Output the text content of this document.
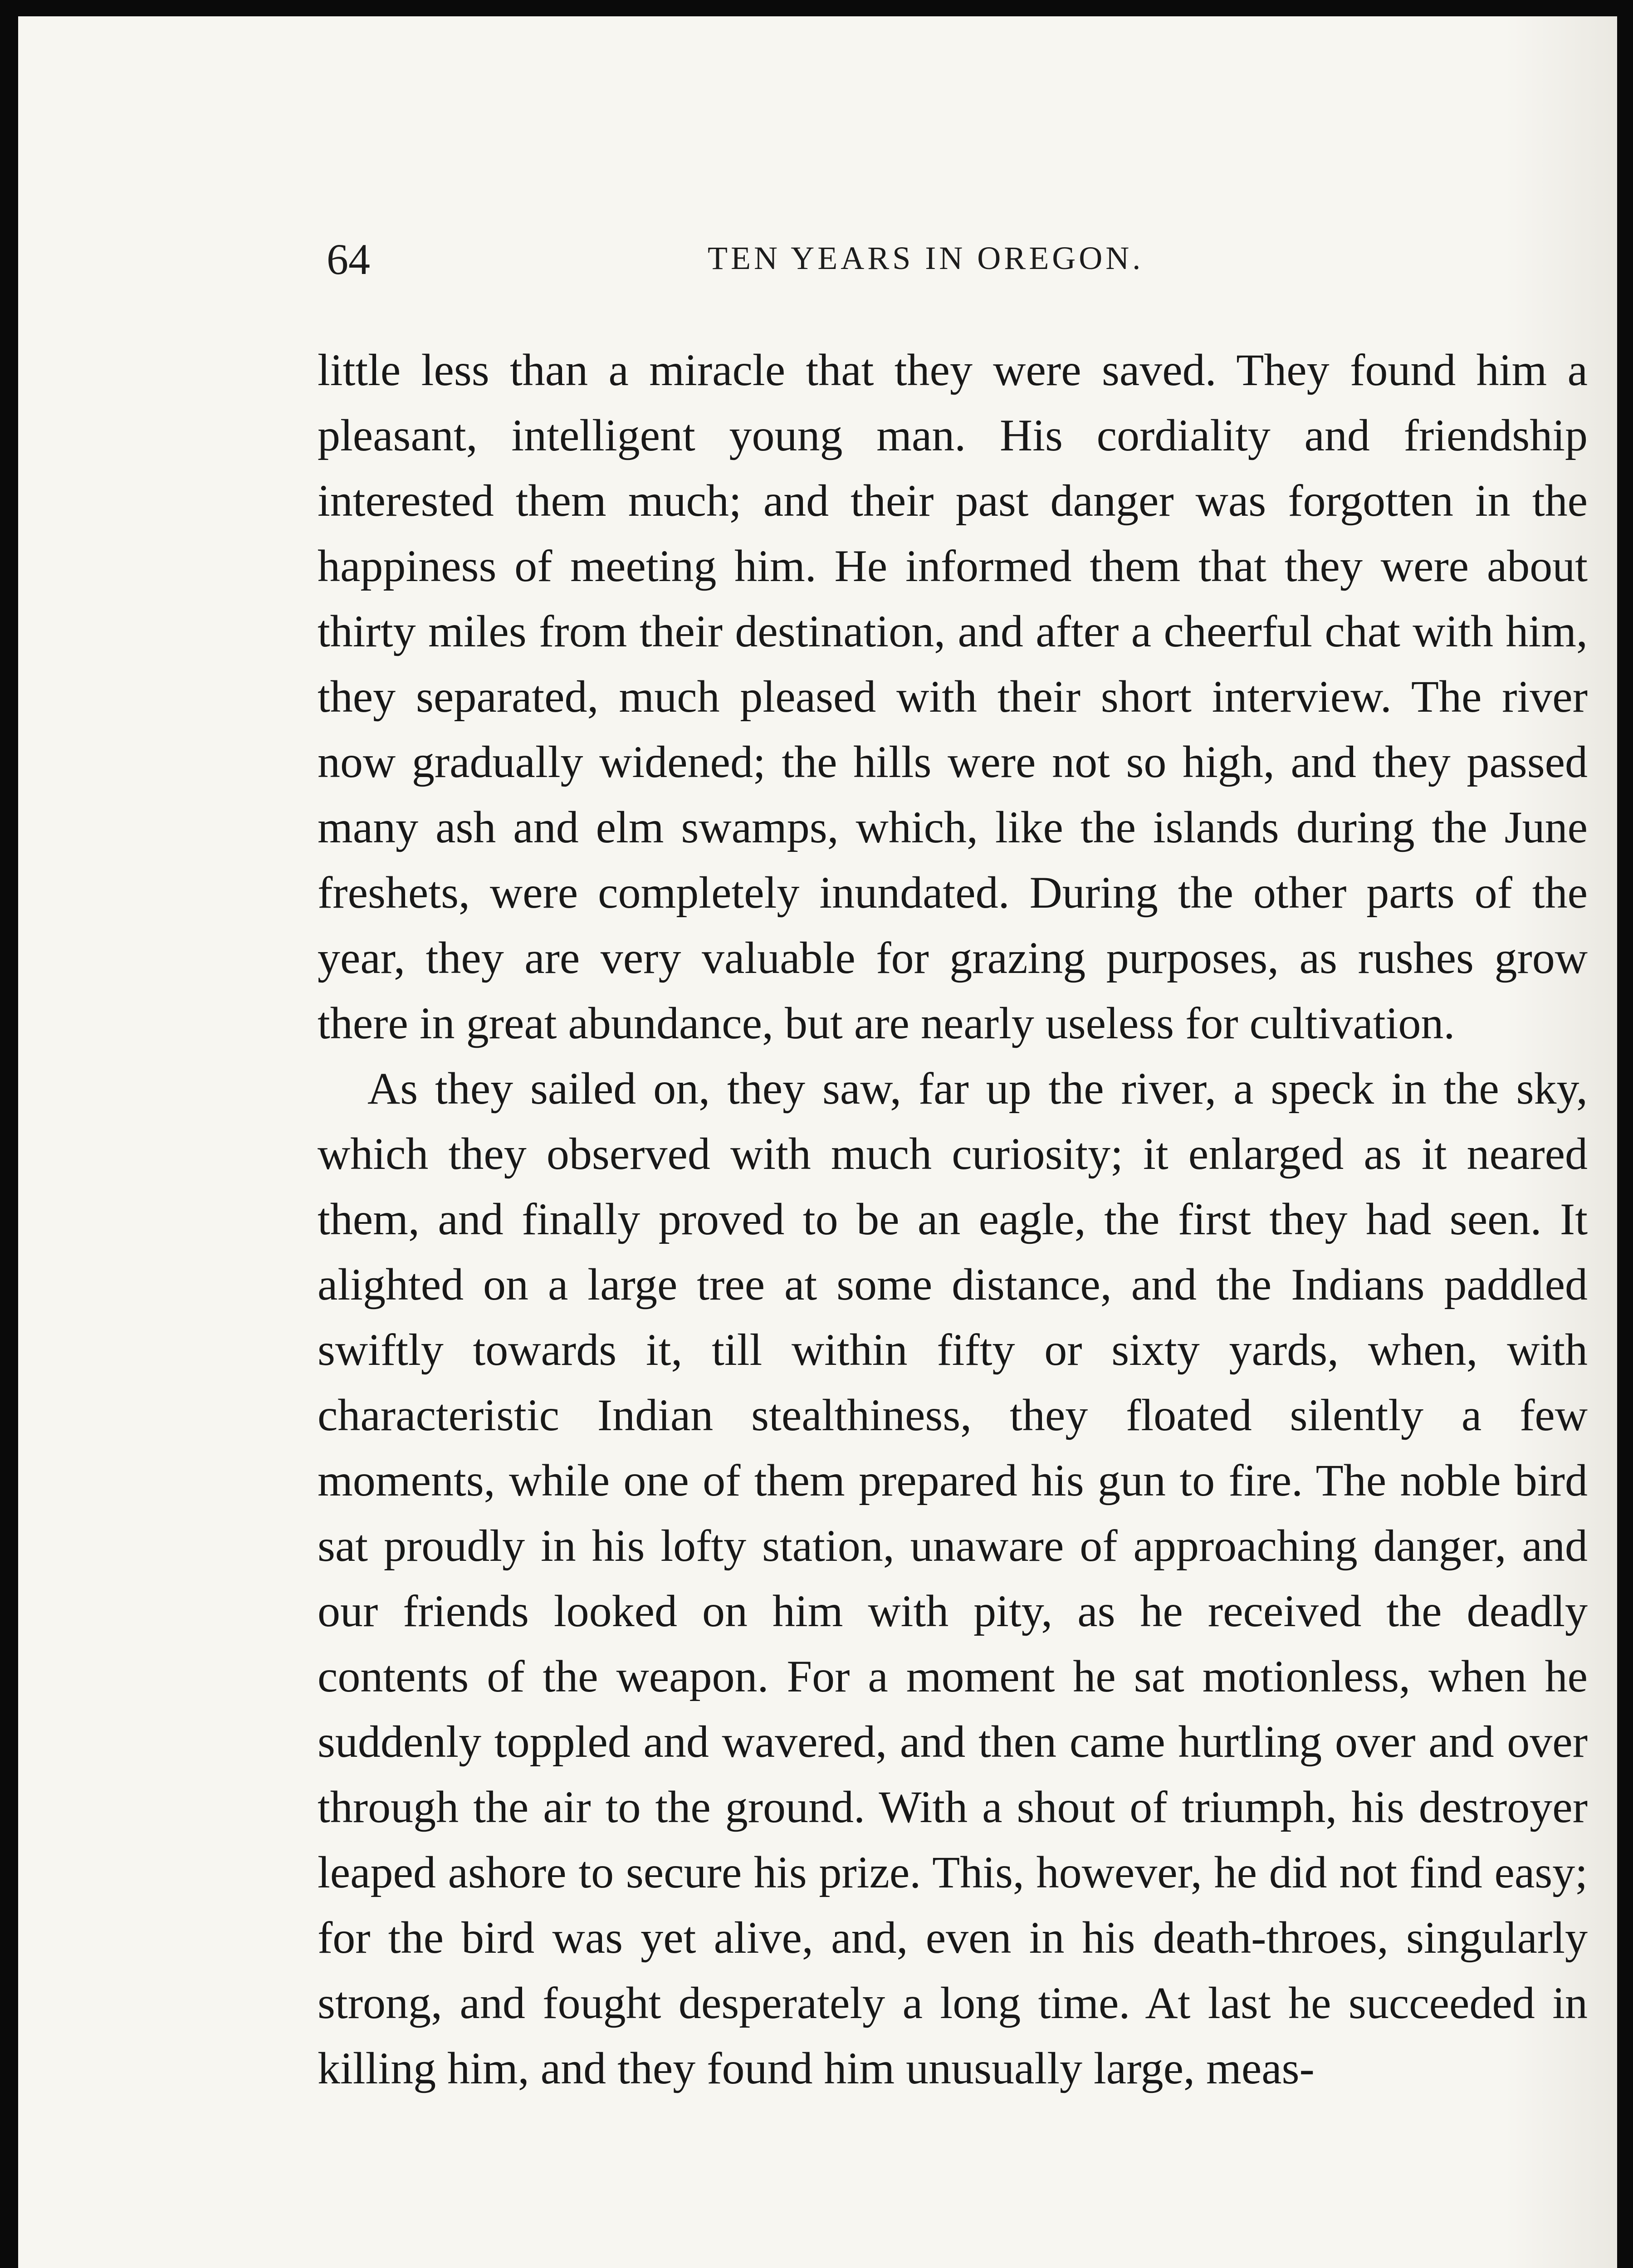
64	TEN YEARS IN OREGON.

little less than a miracle that they were saved. They found him a pleasant, intelligent young man. His cordiality and friendship interested them much; and their past danger was forgotten in the happiness of meeting him. He informed them that they were about thirty miles from their destination, and after a cheerful chat with him, they separated, much pleased with their short interview. The river now gradually widened; the hills were not so high, and they passed many ash and elm swamps, which, like the islands during the June freshets, were completely inundated. During the other parts of the year, they are very valuable for grazing purposes, as rushes grow there in great abundance, but are nearly useless for cultivation.

As they sailed on, they saw, far up the river, a speck in the sky, which they observed with much curiosity; it enlarged as it neared them, and finally proved to be an eagle, the first they had seen. It alighted on a large tree at some distance, and the Indians paddled swiftly towards it, till within fifty or sixty yards, when, with characteristic Indian stealthiness, they floated silently a few moments, while one of them prepared his gun to fire. The noble bird sat proudly in his lofty station, unaware of approaching danger, and our friends looked on him with pity, as he received the deadly contents of the weapon. For a moment he sat motionless, when he suddenly toppled and wavered, and then came hurtling over and over through the air to the ground. With a shout of triumph, his destroyer leaped ashore to secure his prize. This, however, he did not find easy; for the bird was yet alive, and, even in his death-throes, singularly strong, and fought desperately a long time. At last he succeeded in killing him, and they found him unusually large, meas-
